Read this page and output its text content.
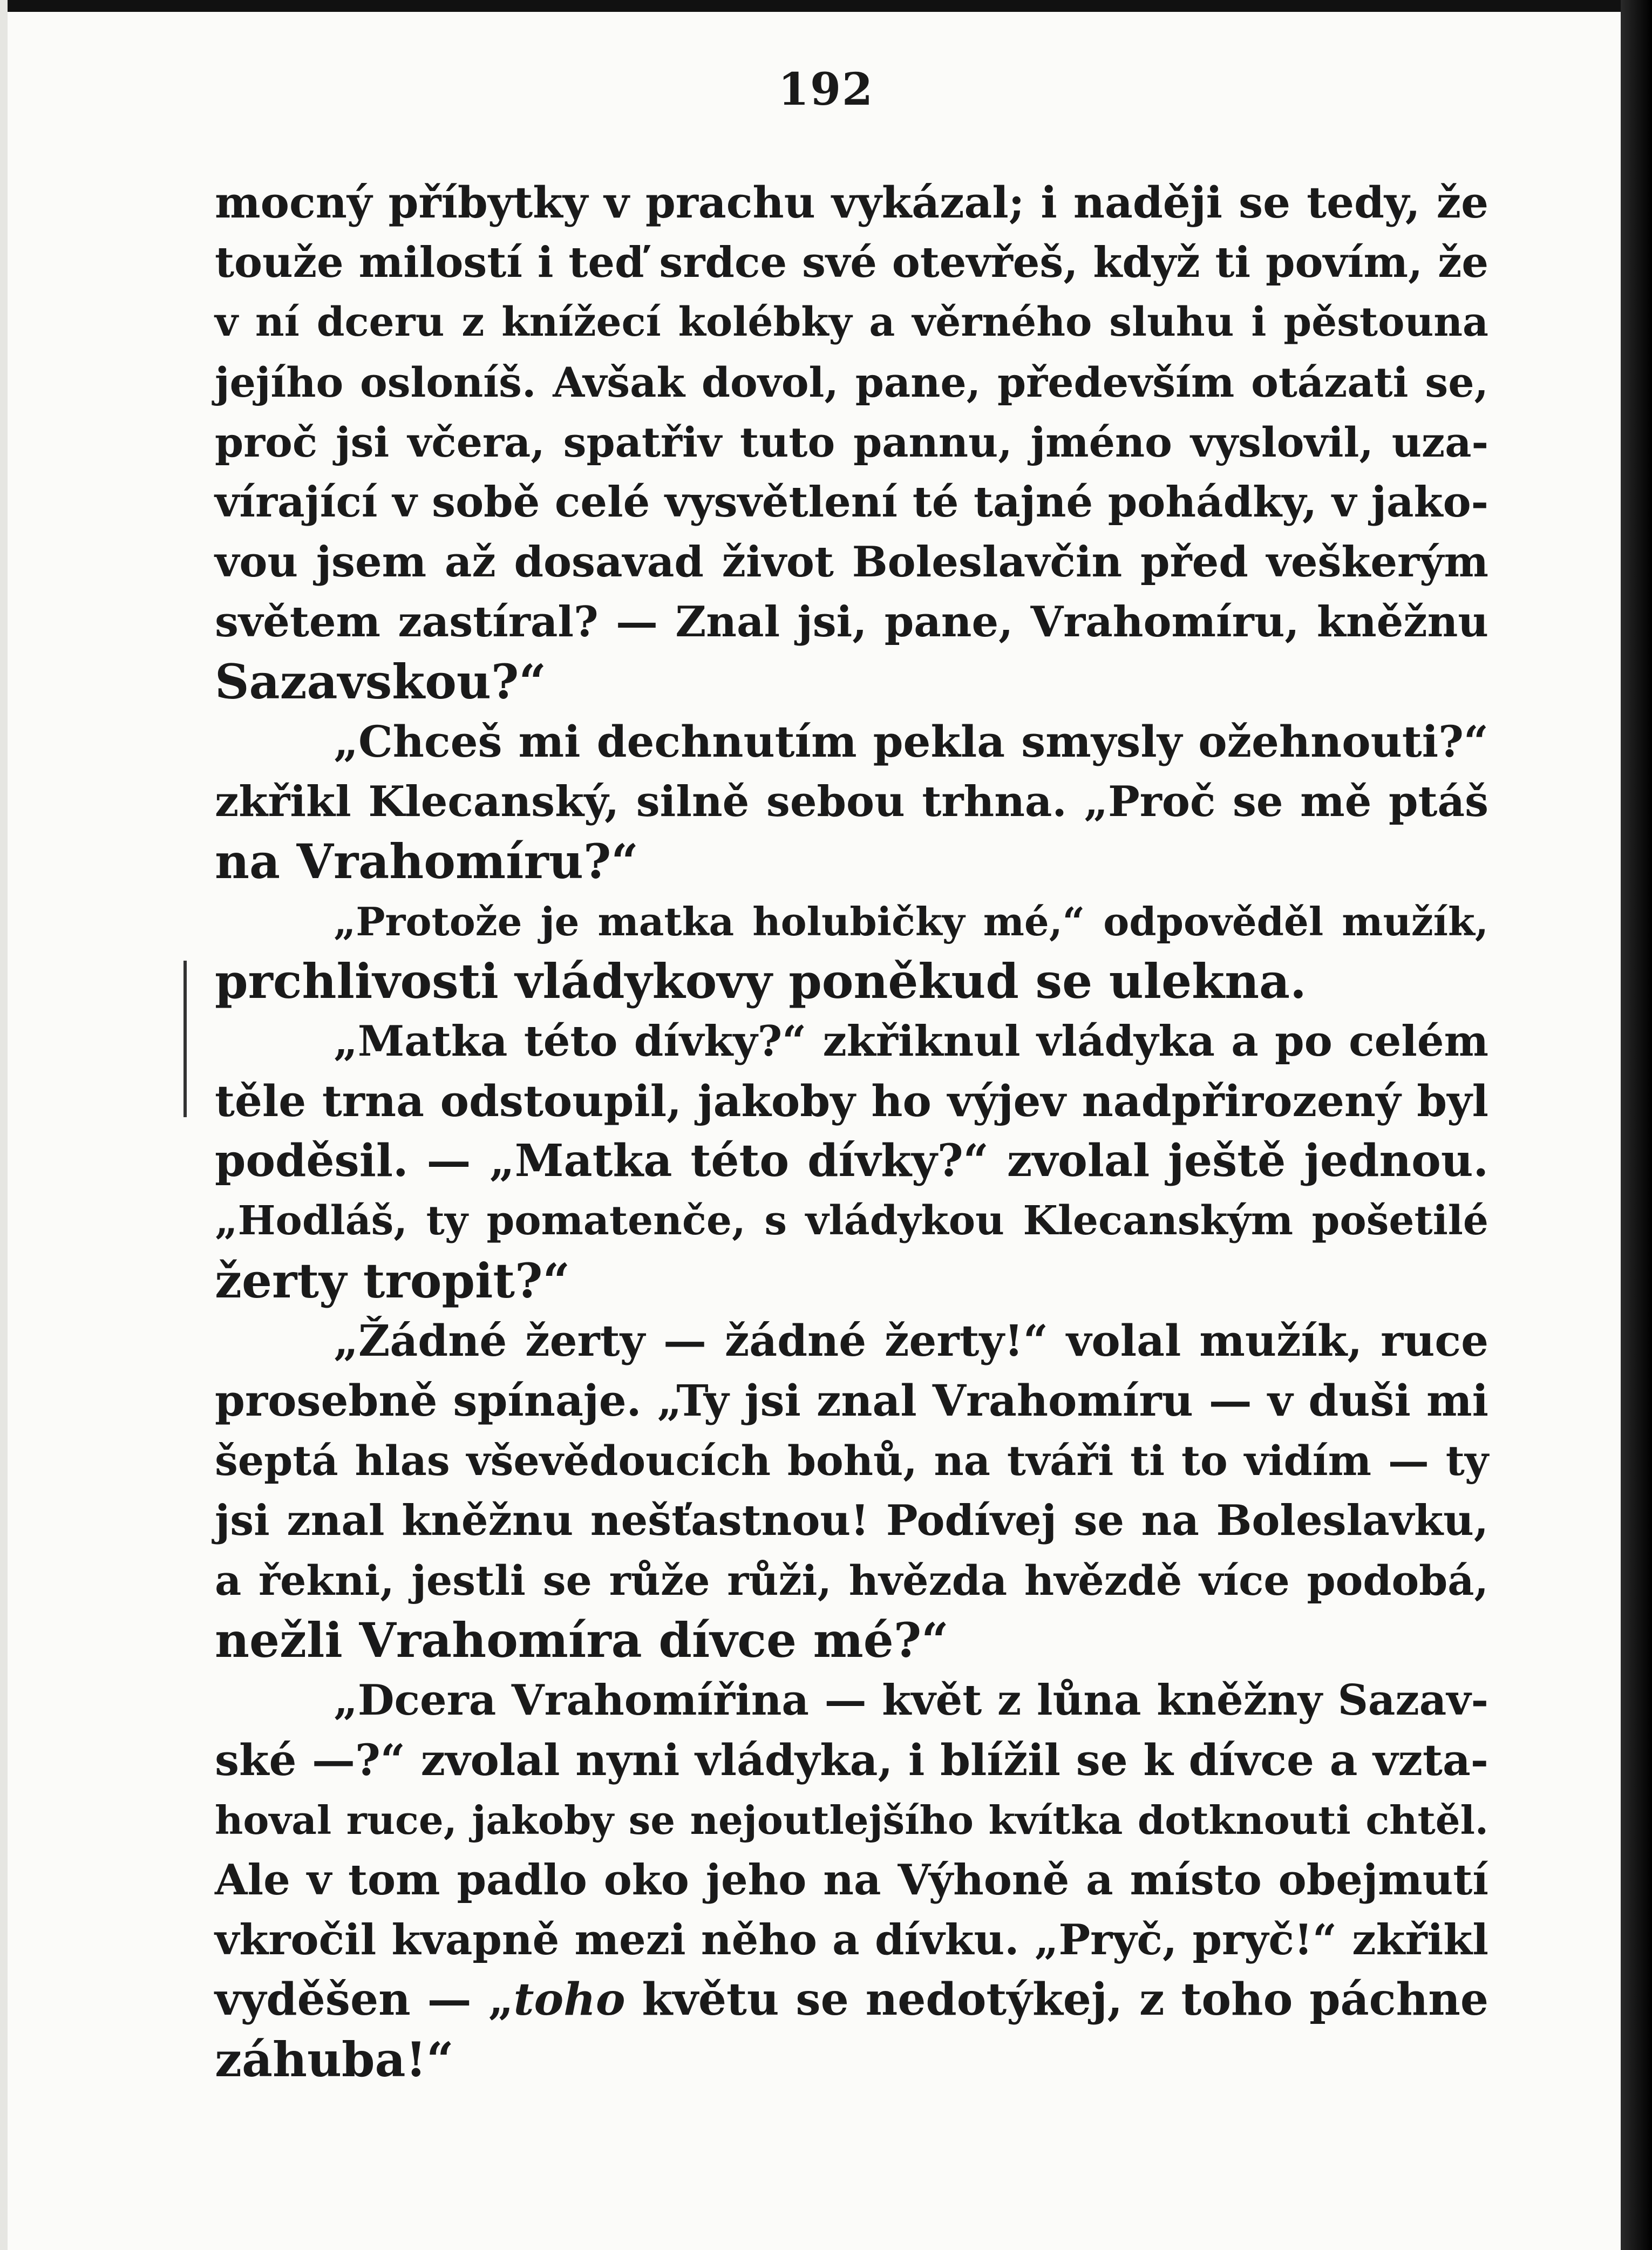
192
mocný příbytky v prachu vykázal; i naději se tedy, že
touže milostí i teď srdce své otevřeš, když ti povím, že
v ní dceru z knížecí kolébky a věrného sluhu i pěstouna
jejího osloníš. Avšak dovol, pane, především otázati se,
proč jsi včera, spatřiv tuto pannu, jméno vyslovil, uza-
vírající v sobě celé vysvětlení té tajné pohádky, v jako-
vou jsem až dosavad život Boleslavčin před veškerým
světem zastíral? — Znal jsi, pane, Vrahomíru, kněžnu
Sazavskou?“
„Chceš mi dechnutím pekla smysly ožehnouti?“
zkřikl Klecanský, silně sebou trhna. „Proč se mě ptáš
na Vrahomíru?“
„Protože je matka holubičky mé,“ odpověděl mužík,
prchlivosti vládykovy poněkud se ulekna.
„Matka této dívky?“ zkřiknul vládyka a po celém
těle trna odstoupil, jakoby ho výjev nadpřirozený byl
poděsil. — „Matka této dívky?“ zvolal ještě jednou.
„Hodláš, ty pomatenče, s vládykou Klecanským pošetilé
žerty tropit?“
„Žádné žerty — žádné žerty!“ volal mužík, ruce
prosebně spínaje. „Ty jsi znal Vrahomíru — v duši mi
šeptá hlas vševědoucích bohů, na tváři ti to vidím — ty
jsi znal kněžnu nešťastnou! Podívej se na Boleslavku,
a řekni, jestli se růže růži, hvězda hvězdě více podobá,
nežli Vrahomíra dívce mé?“
„Dcera Vrahomířina — květ z lůna kněžny Sazav-
ské —?“ zvolal nyni vládyka, i blížil se k dívce a vzta-
hoval ruce, jakoby se nejoutlejšího kvítka dotknouti chtěl.
Ale v tom padlo oko jeho na Výhoně a místo obejmutí
vkročil kvapně mezi něho a dívku. „Pryč, pryč!“ zkřikl
vyděšen — „toho květu se nedotýkej, z toho páchne
záhuba!“
